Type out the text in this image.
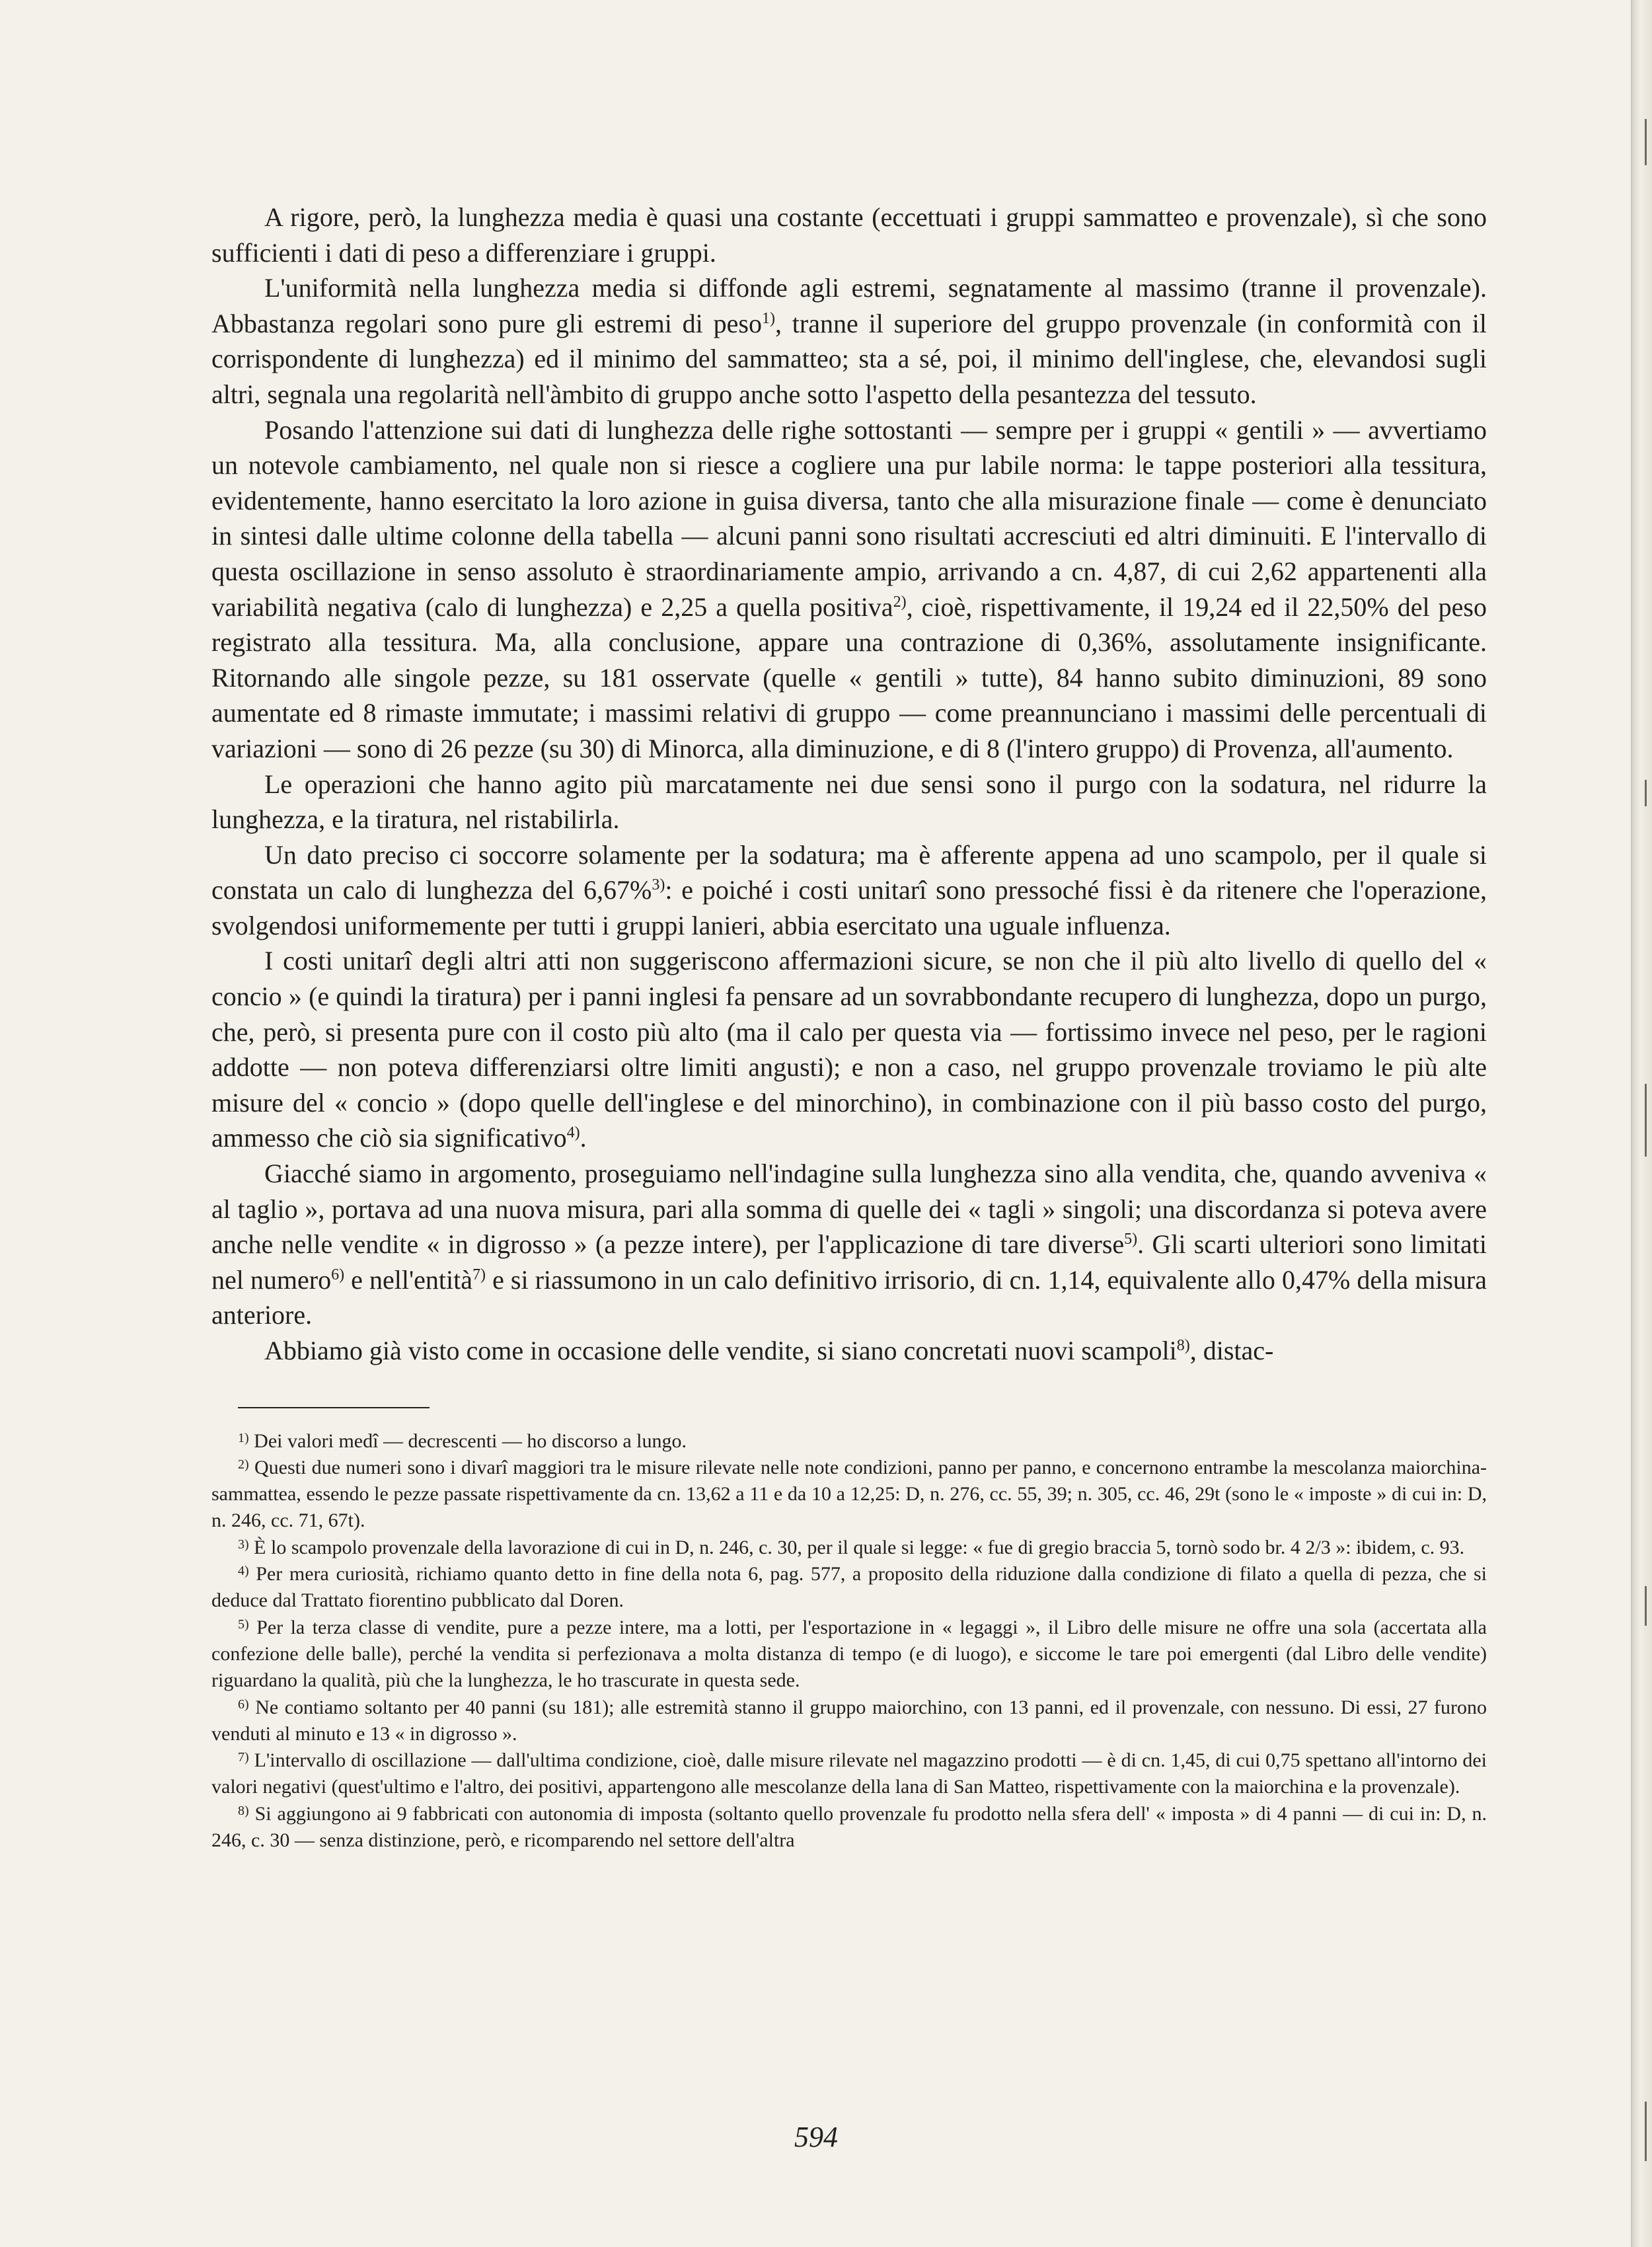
A rigore, però, la lunghezza media è quasi una costante (eccettuati i gruppi sammatteo e provenzale), sì che sono sufficienti i dati di peso a differenziare i gruppi.

L'uniformità nella lunghezza media si diffonde agli estremi, segnatamente al massimo (tranne il provenzale). Abbastanza regolari sono pure gli estremi di peso$^{1)}$, tranne il superiore del gruppo provenzale (in conformità con il corrispondente di lunghezza) ed il minimo del sammatteo; sta a sé, poi, il minimo dell'inglese, che, elevandosi sugli altri, segnala una regolarità nell'àmbito di gruppo anche sotto l'aspetto della pesantezza del tessuto.

Posando l'attenzione sui dati di lunghezza delle righe sottostanti — sempre per i gruppi « gentili » — avvertiamo un notevole cambiamento, nel quale non si riesce a cogliere una pur labile norma: le tappe posteriori alla tessitura, evidentemente, hanno esercitato la loro azione in guisa diversa, tanto che alla misurazione finale — come è denunciato in sintesi dalle ultime colonne della tabella — alcuni panni sono risultati accresciuti ed altri diminuiti. E l'intervallo di questa oscillazione in senso assoluto è straordinariamente ampio, arrivando a cn. 4,87, di cui 2,62 appartenenti alla variabilità negativa (calo di lunghezza) e 2,25 a quella positiva$^{2)}$, cioè, rispettivamente, il 19,24 ed il 22,50% del peso registrato alla tessitura. Ma, alla conclusione, appare una contrazione di 0,36%, assolutamente insignificante. Ritornando alle singole pezze, su 181 osservate (quelle « gentili » tutte), 84 hanno subito diminuzioni, 89 sono aumentate ed 8 rimaste immutate; i massimi relativi di gruppo — come preannunciano i massimi delle percentuali di variazioni — sono di 26 pezze (su 30) di Minorca, alla diminuzione, e di 8 (l'intero gruppo) di Provenza, all'aumento.

Le operazioni che hanno agito più marcatamente nei due sensi sono il purgo con la sodatura, nel ridurre la lunghezza, e la tiratura, nel ristabilirla.

Un dato preciso ci soccorre solamente per la sodatura; ma è afferente appena ad uno scampolo, per il quale si constata un calo di lunghezza del 6,67%$^{3)}$: e poiché i costi unitarî sono pressoché fissi è da ritenere che l'operazione, svolgendosi uniformemente per tutti i gruppi lanieri, abbia esercitato una uguale influenza.

I costi unitarî degli altri atti non suggeriscono affermazioni sicure, se non che il più alto livello di quello del « concio » (e quindi la tiratura) per i panni inglesi fa pensare ad un sovrabbondante recupero di lunghezza, dopo un purgo, che, però, si presenta pure con il costo più alto (ma il calo per questa via — fortissimo invece nel peso, per le ragioni addotte — non poteva differenziarsi oltre limiti angusti); e non a caso, nel gruppo provenzale troviamo le più alte misure del « concio » (dopo quelle dell'inglese e del minorchino), in combinazione con il più basso costo del purgo, ammesso che ciò sia significativo$^{4)}$.

Giacché siamo in argomento, proseguiamo nell'indagine sulla lunghezza sino alla vendita, che, quando avveniva « al taglio », portava ad una nuova misura, pari alla somma di quelle dei « tagli » singoli; una discordanza si poteva avere anche nelle vendite « in digrosso » (a pezze intere), per l'applicazione di tare diverse$^{5)}$. Gli scarti ulteriori sono limitati nel numero$^{6)}$ e nell'entità$^{7)}$ e si riassumono in un calo definitivo irrisorio, di cn. 1,14, equivalente allo 0,47% della misura anteriore.

Abbiamo già visto come in occasione delle vendite, si siano concretati nuovi scampoli$^{8)}$, distac-

$^{1)}$ Dei valori medî — decrescenti — ho discorso a lungo.

$^{2)}$ Questi due numeri sono i divarî maggiori tra le misure rilevate nelle note condizioni, panno per panno, e concernono entrambe la mescolanza maiorchina-sammattea, essendo le pezze passate rispettivamente da cn. 13,62 a 11 e da 10 a 12,25: D, n. 276, cc. 55, 39; n. 305, cc. 46, 29t (sono le « imposte » di cui in: D, n. 246, cc. 71, 67t).

$^{3)}$ È lo scampolo provenzale della lavorazione di cui in D, n. 246, c. 30, per il quale si legge: « fue di gregio braccia 5, tornò sodo br. 4 2/3 »: ibidem, c. 93.

$^{4)}$ Per mera curiosità, richiamo quanto detto in fine della nota 6, pag. 577, a proposito della riduzione dalla condizione di filato a quella di pezza, che si deduce dal Trattato fiorentino pubblicato dal Doren.

$^{5)}$ Per la terza classe di vendite, pure a pezze intere, ma a lotti, per l'esportazione in « legaggi », il Libro delle misure ne offre una sola (accertata alla confezione delle balle), perché la vendita si perfezionava a molta distanza di tempo (e di luogo), e siccome le tare poi emergenti (dal Libro delle vendite) riguardano la qualità, più che la lunghezza, le ho trascurate in questa sede.

$^{6)}$ Ne contiamo soltanto per 40 panni (su 181); alle estremità stanno il gruppo maiorchino, con 13 panni, ed il provenzale, con nessuno. Di essi, 27 furono venduti al minuto e 13 « in digrosso ».

$^{7)}$ L'intervallo di oscillazione — dall'ultima condizione, cioè, dalle misure rilevate nel magazzino prodotti — è di cn. 1,45, di cui 0,75 spettano all'intorno dei valori negativi (quest'ultimo e l'altro, dei positivi, appartengono alle mescolanze della lana di San Matteo, rispettivamente con la maiorchina e la provenzale).

$^{8)}$ Si aggiungono ai 9 fabbricati con autonomia di imposta (soltanto quello provenzale fu prodotto nella sfera dell' « imposta » di 4 panni — di cui in: D, n. 246, c. 30 — senza distinzione, però, e ricomparendo nel settore dell'altra

594
